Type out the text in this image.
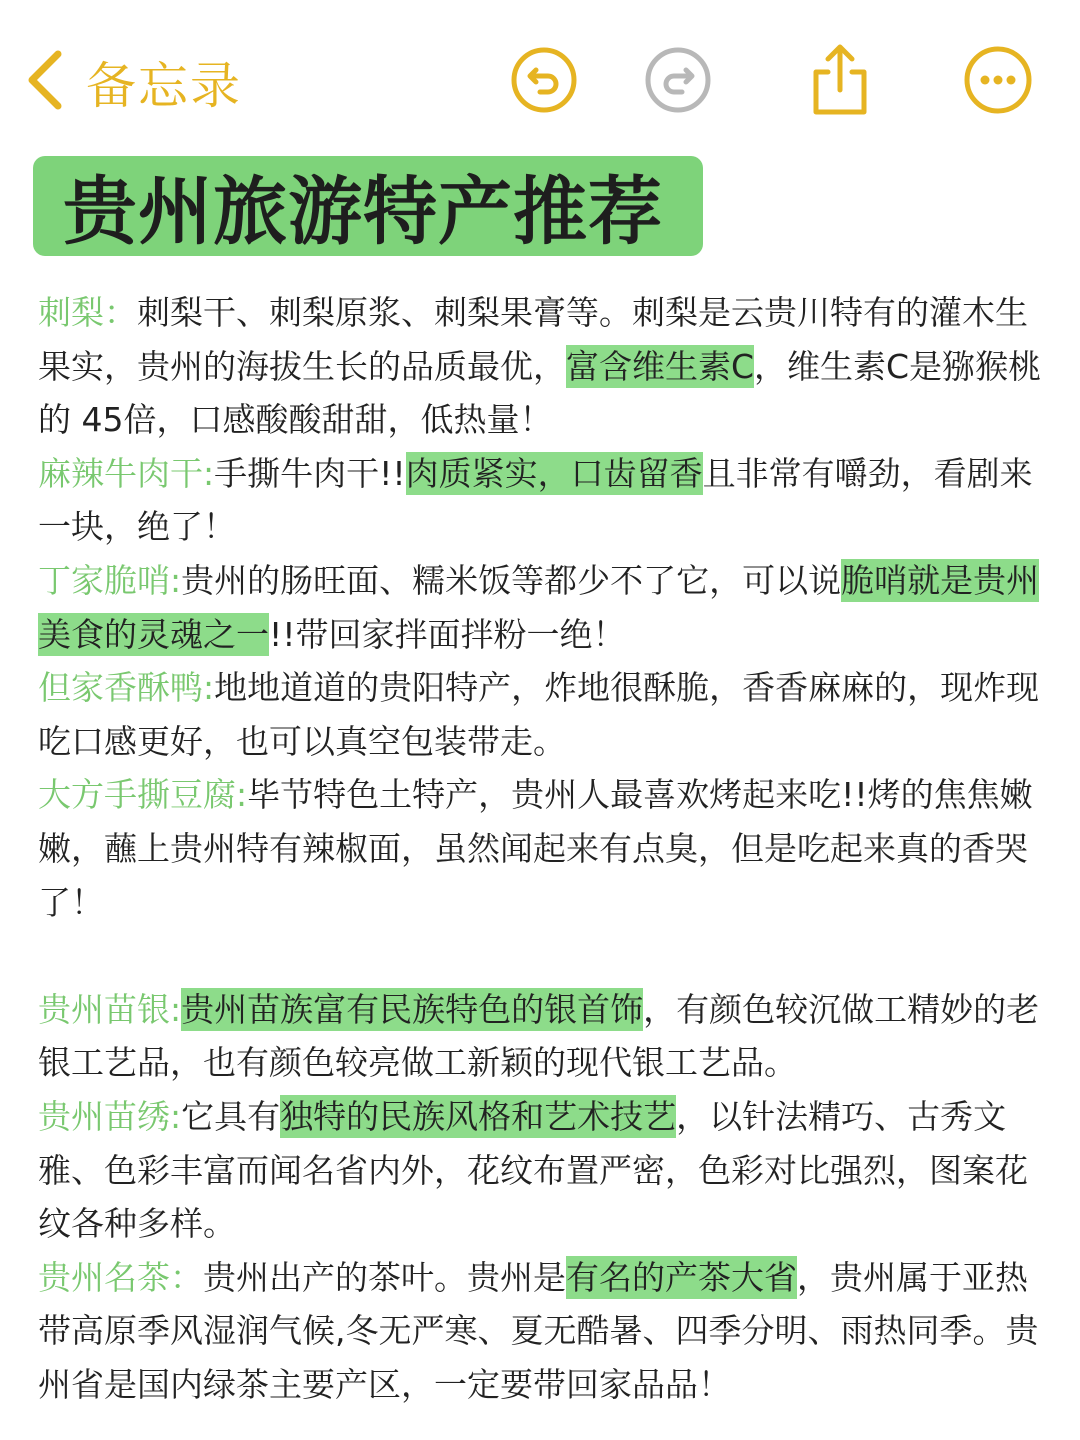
备忘录
贵州旅游特产推荐

刺梨：刺梨干、刺梨原浆、刺梨果膏等。刺梨是云贵川特有的灌木生果实，贵州的海拔生长的品质最优，富含维生素C，维生素C是猕猴桃的 45倍，口感酸酸甜甜，低热量！

麻辣牛肉干:手撕牛肉干!!肉质紧实，口齿留香且非常有嚼劲，看剧来一块，绝了！

丁家脆哨:贵州的肠旺面、糯米饭等都少不了它，可以说脆哨就是贵州美食的灵魂之一!!带回家拌面拌粉一绝！

但家香酥鸭:地地道道的贵阳特产，炸地很酥脆，香香麻麻的，现炸现吃口感更好，也可以真空包装带走。

大方手撕豆腐:毕节特色土特产，贵州人最喜欢烤起来吃!!烤的焦焦嫩嫩，蘸上贵州特有辣椒面，虽然闻起来有点臭，但是吃起来真的香哭了！

贵州苗银:贵州苗族富有民族特色的银首饰，有颜色较沉做工精妙的老银工艺品，也有颜色较亮做工新颖的现代银工艺品。

贵州苗绣:它具有独特的民族风格和艺术技艺，以针法精巧、古秀文雅、色彩丰富而闻名省内外，花纹布置严密，色彩对比强烈，图案花纹各种多样。

贵州名茶：贵州出产的茶叶。贵州是有名的产茶大省，贵州属于亚热带高原季风湿润气候,冬无严寒、夏无酷暑、四季分明、雨热同季。贵州省是国内绿茶主要产区，一定要带回家品品！
